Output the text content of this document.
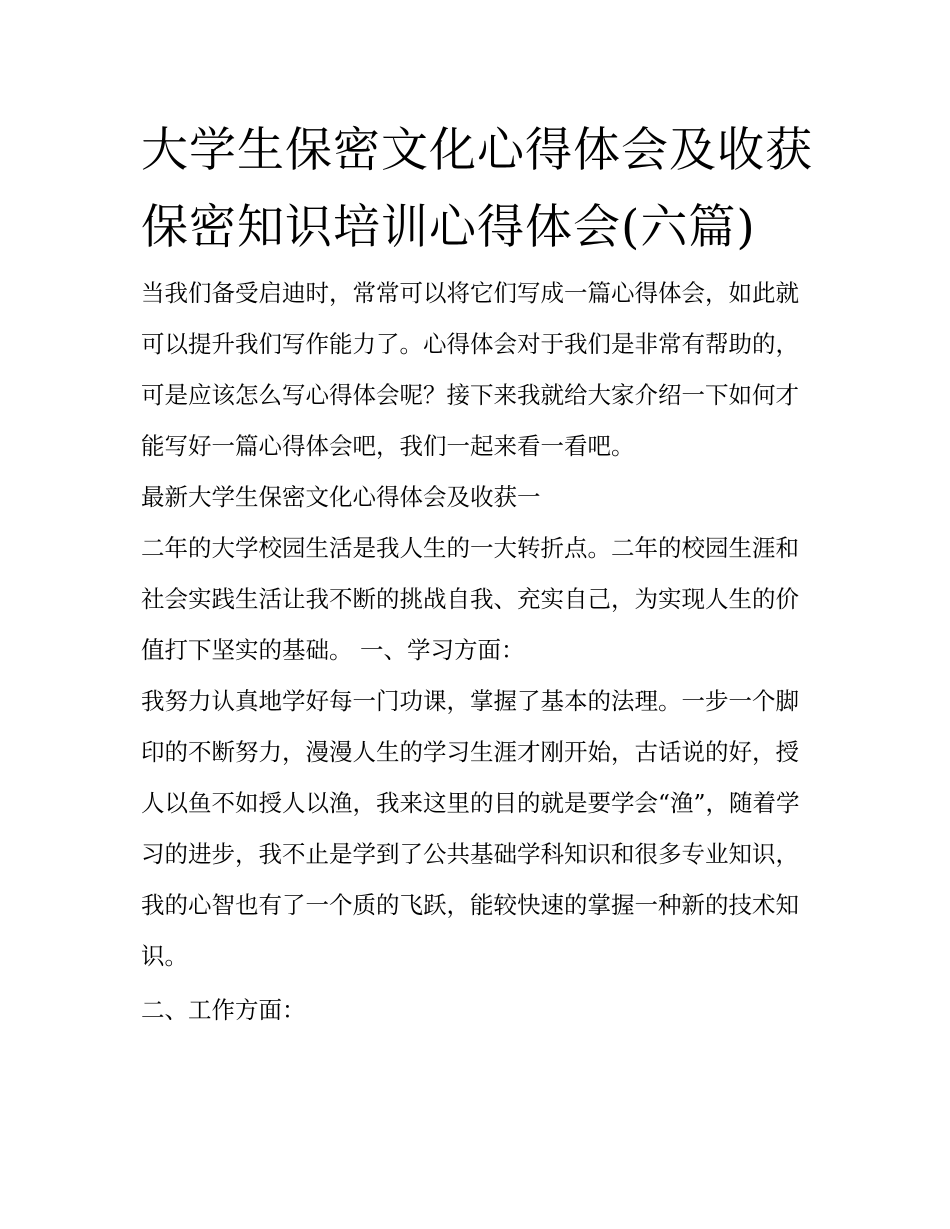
大学生保密文化心得体会及收获 保密知识培训心得体会(六篇)

当我们备受启迪时，常常可以将它们写成一篇心得体会，如此就可以提升我们写作能力了。心得体会对于我们是非常有帮助的，可是应该怎么写心得体会呢？接下来我就给大家介绍一下如何才能写好一篇心得体会吧，我们一起来看一看吧。

最新大学生保密文化心得体会及收获一

二年的大学校园生活是我人生的一大转折点。二年的校园生涯和社会实践生活让我不断的挑战自我、充实自己，为实现人生的价值打下坚实的基础。 一、学习方面：

我努力认真地学好每一门功课，掌握了基本的法理。一步一个脚印的不断努力，漫漫人生的学习生涯才刚开始，古话说的好，授人以鱼不如授人以渔，我来这里的目的就是要学会“渔”，随着学习的进步，我不止是学到了公共基础学科知识和很多专业知识，我的心智也有了一个质的飞跃，能较快速的掌握一种新的技术知识。

二、工作方面：
